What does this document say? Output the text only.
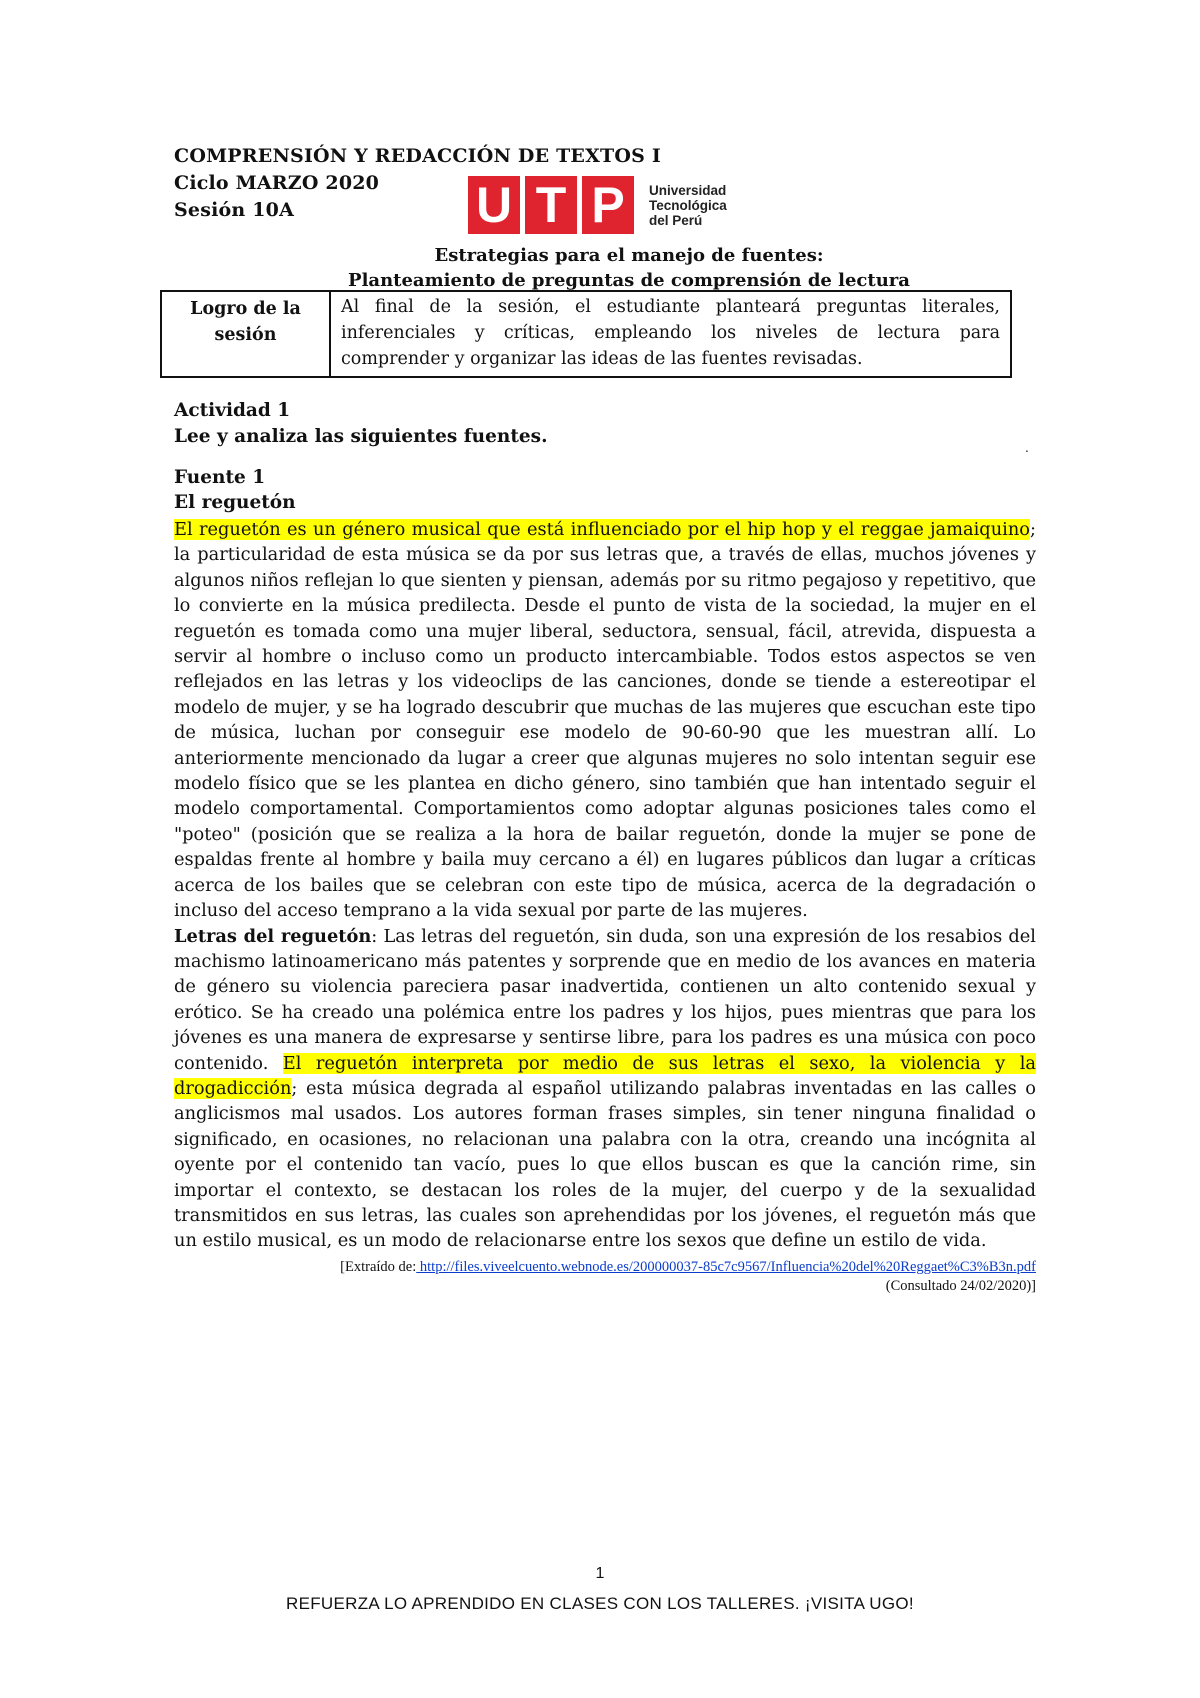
COMPRENSIÓN Y REDACCIÓN DE TEXTOS I
Ciclo MARZO 2020
Sesión 10A	U T P	Universidad
Tecnológica
del Perú
Estrategias para el manejo de fuentes:
Planteamiento de preguntas de comprensión de lectura
Logro de la sesión	Al final de la sesión, el estudiante planteará preguntas literales, inferenciales y críticas, empleando los niveles de lectura para comprender y organizar las ideas de las fuentes revisadas.
Actividad 1
Lee y analiza las siguientes fuentes.
.
Fuente 1
El reguetón

El reguetón es un género musical que está influenciado por el hip hop y el reggae jamaiquino; la particularidad de esta música se da por sus letras que, a través de ellas, muchos jóvenes y algunos niños reflejan lo que sienten y piensan, además por su ritmo pegajoso y repetitivo, que lo convierte en la música predilecta. Desde el punto de vista de la sociedad, la mujer en el reguetón es tomada como una mujer liberal, seductora, sensual, fácil, atrevida, dispuesta a servir al hombre o incluso como un producto intercambiable. Todos estos aspectos se ven reflejados en las letras y los videoclips de las canciones, donde se tiende a estereotipar el modelo de mujer, y se ha logrado descubrir que muchas de las mujeres que escuchan este tipo de música, luchan por conseguir ese modelo de 90-60-90 que les muestran allí. Lo anteriormente mencionado da lugar a creer que algunas mujeres no solo intentan seguir ese modelo físico que se les plantea en dicho género, sino también que han intentado seguir el modelo comportamental. Comportamientos como adoptar algunas posiciones tales como el "poteo" (posición que se realiza a la hora de bailar reguetón, donde la mujer se pone de espaldas frente al hombre y baila muy cercano a él) en lugares públicos dan lugar a críticas acerca de los bailes que se celebran con este tipo de música, acerca de la degradación o incluso del acceso temprano a la vida sexual por parte de las mujeres.

Letras del reguetón: Las letras del reguetón, sin duda, son una expresión de los resabios del machismo latinoamericano más patentes y sorprende que en medio de los avances en materia de género su violencia pareciera pasar inadvertida, contienen un alto contenido sexual y erótico. Se ha creado una polémica entre los padres y los hijos, pues mientras que para los jóvenes es una manera de expresarse y sentirse libre, para los padres es una música con poco contenido. El reguetón interpreta por medio de sus letras el sexo, la violencia y la drogadicción; esta música degrada al español utilizando palabras inventadas en las calles o anglicismos mal usados. Los autores forman frases simples, sin tener ninguna finalidad o significado, en ocasiones, no relacionan una palabra con la otra, creando una incógnita al oyente por el contenido tan vacío, pues lo que ellos buscan es que la canción rime, sin importar el contexto, se destacan los roles de la mujer, del cuerpo y de la sexualidad transmitidos en sus letras, las cuales son aprehendidas por los jóvenes, el reguetón más que un estilo musical, es un modo de relacionarse entre los sexos que define un estilo de vida.

[Extraído de: http://files.viveelcuento.webnode.es/200000037-85c7c9567/Influencia%20del%20Reggaet%C3%B3n.pdf
(Consultado 24/02/2020)]
1
REFUERZA LO APRENDIDO EN CLASES CON LOS TALLERES. ¡VISITA UGO!
